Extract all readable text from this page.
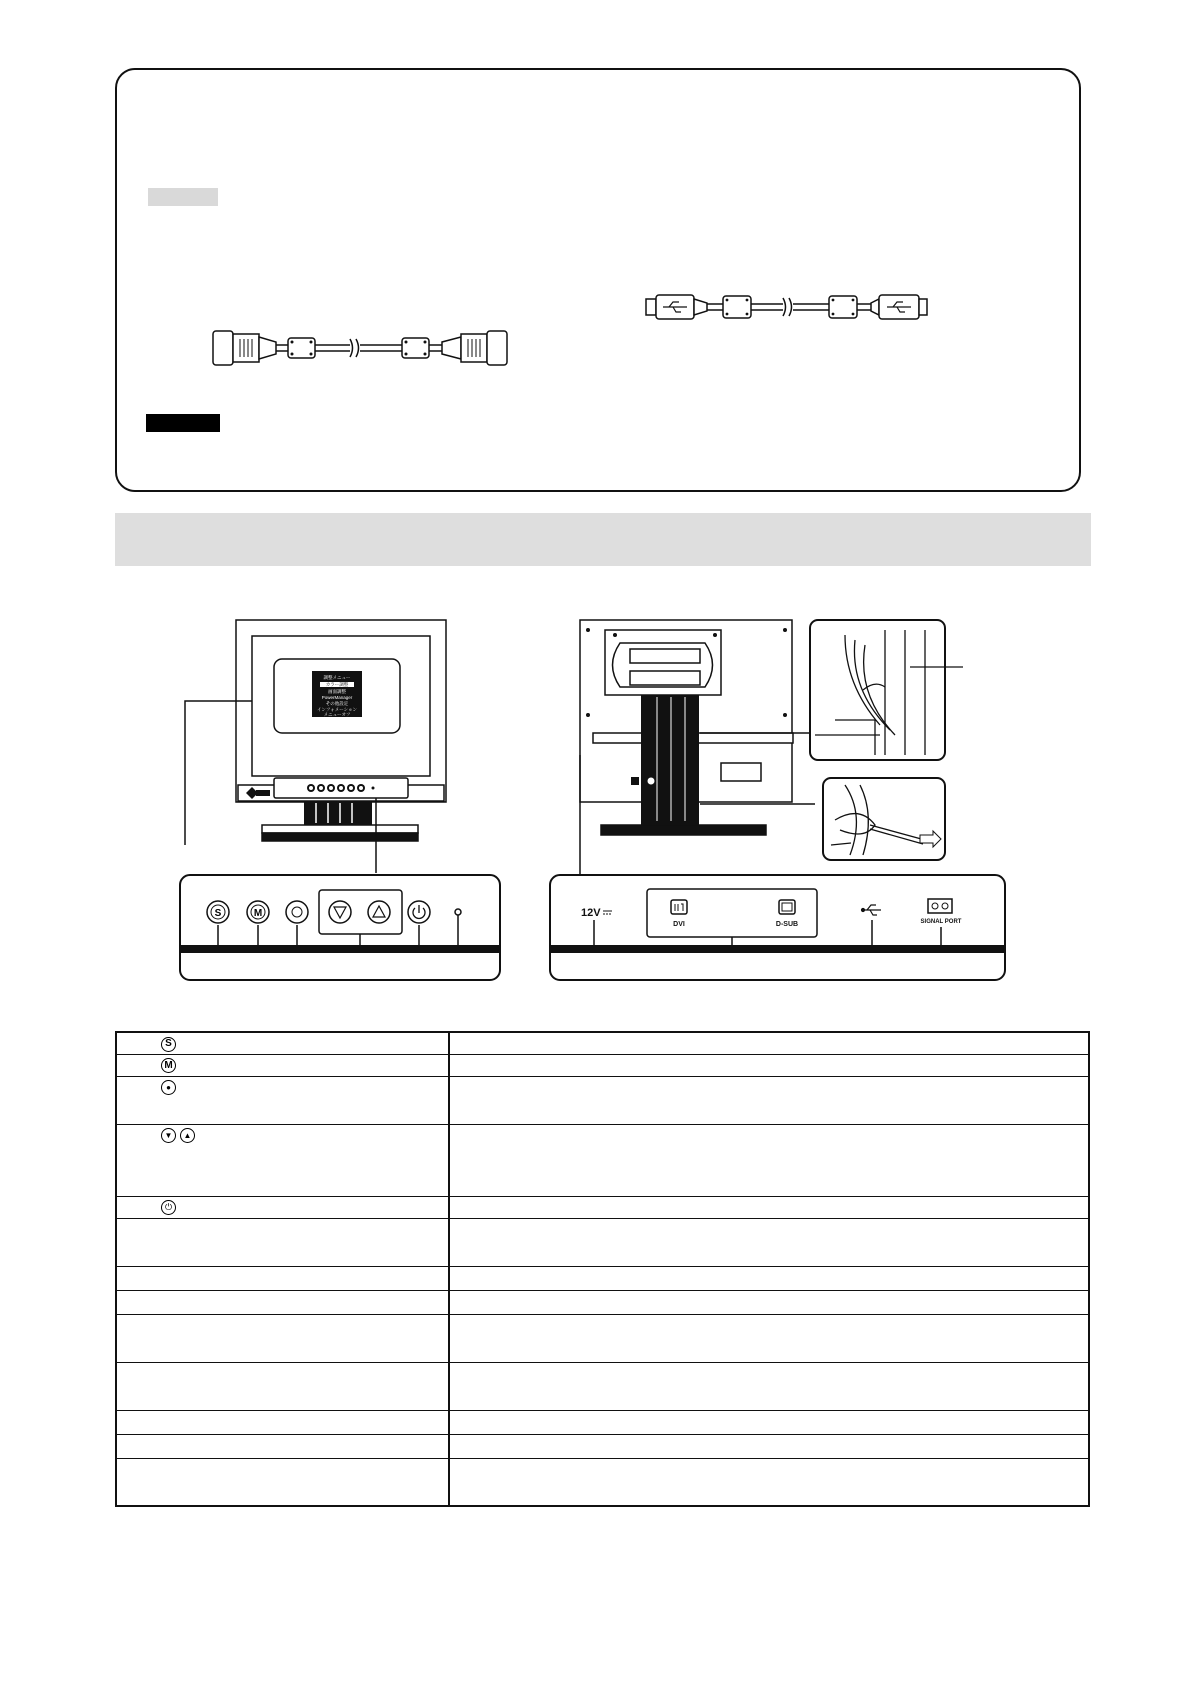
調整メニュー
カラー調整
画面調整
PowerManager
その他設定
インフォメーション
メニューオフ
S	M	12V
DVI	D-SUB	SIGNAL PORT
S	

M	

●	

▼ ▲	

⏻	
